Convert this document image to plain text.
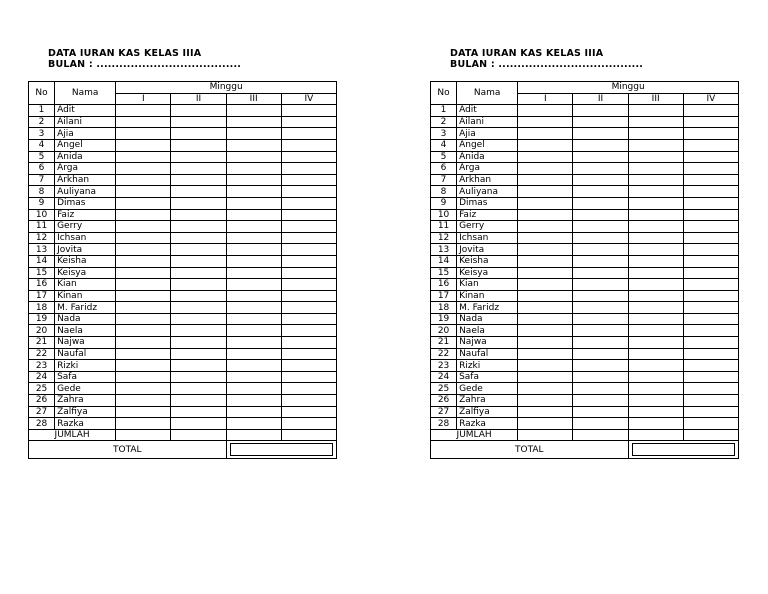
DATA IURAN KAS KELAS IIIA
BULAN : ......................................
No	Nama	Minggu			
		I	II	III	IV
1	Adit				
2	Ailani				
3	Ajia				
4	Angel				
5	Anida				
6	Arga				
7	Arkhan				
8	Auliyana				
9	Dimas				
10	Faiz				
11	Gerry				
12	Ichsan				
13	Jovita				
14	Keisha				
15	Keisya				
16	Kian				
17	Kinan				
18	M. Faridz				
19	Nada				
20	Naela				
21	Najwa				
22	Naufal				
23	Rizki				
24	Safa				
25	Gede				
26	Zahra				
27	Zalfiya				
28	Razka				
JUMLAH					
TOTAL					
DATA IURAN KAS KELAS IIIA
BULAN : ......................................
No	Nama	Minggu			
		I	II	III	IV
1	Adit				
2	Ailani				
3	Ajia				
4	Angel				
5	Anida				
6	Arga				
7	Arkhan				
8	Auliyana				
9	Dimas				
10	Faiz				
11	Gerry				
12	Ichsan				
13	Jovita				
14	Keisha				
15	Keisya				
16	Kian				
17	Kinan				
18	M. Faridz				
19	Nada				
20	Naela				
21	Najwa				
22	Naufal				
23	Rizki				
24	Safa				
25	Gede				
26	Zahra				
27	Zalfiya				
28	Razka				
JUMLAH					
TOTAL					
